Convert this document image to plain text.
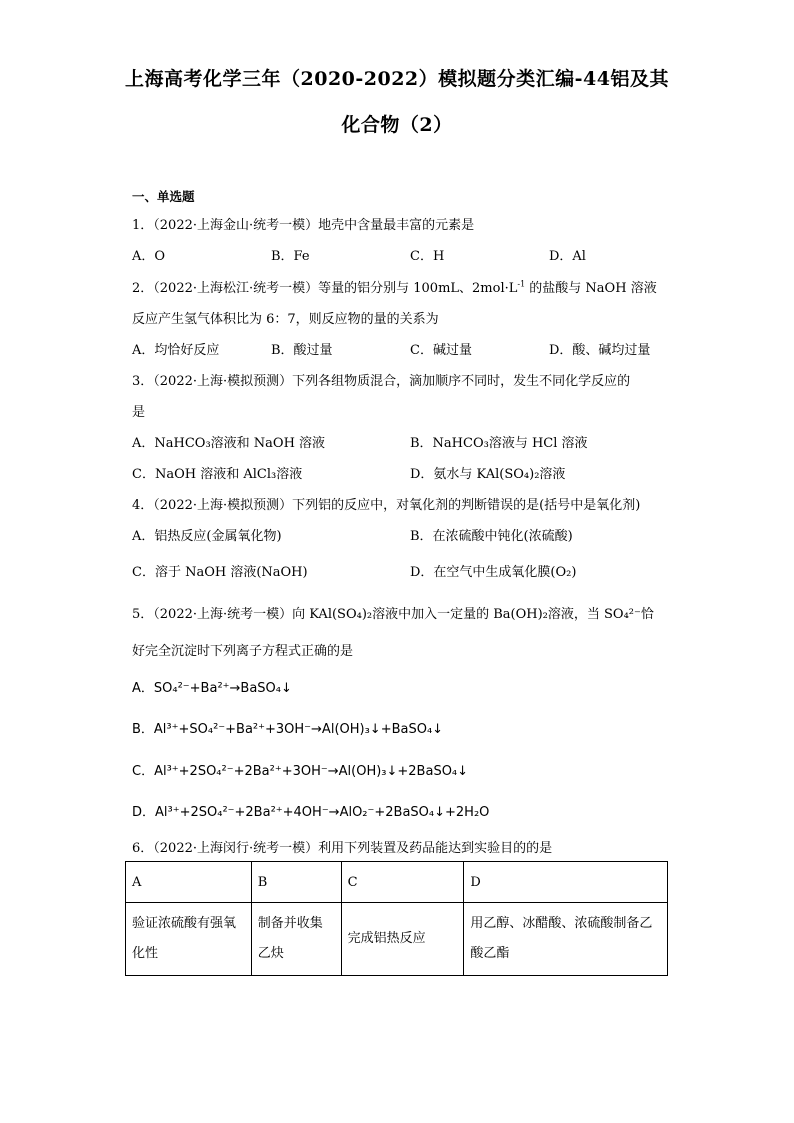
上海高考化学三年（2020-2022）模拟题分类汇编-44铝及其
化合物（2）
一、单选题
1．（2022·上海金山·统考一模）地壳中含量最丰富的元素是
A．O	B．Fe	C．H	D．Al
2．（2022·上海松江·统考一模）等量的铝分别与 100mL、$2mol\cdot L^{-1}$ 的盐酸与 NaOH 溶液
反应产生氢气体积比为 6：7，则反应物的量的关系为
A．均恰好反应	B．酸过量	C．碱过量	D．酸、碱均过量
3．（2022·上海·模拟预测）下列各组物质混合，滴加顺序不同时，发生不同化学反应的
是
A．NaHCO₃溶液和 NaOH 溶液	B．NaHCO₃溶液与 HCl 溶液
C．NaOH 溶液和 AlCl₃溶液	D．氨水与 KAl(SO₄)₂溶液
4．（2022·上海·模拟预测）下列铝的反应中，对氧化剂的判断错误的是(括号中是氧化剂)
A．铝热反应(金属氧化物)	B．在浓硫酸中钝化(浓硫酸)
C．溶于 NaOH 溶液(NaOH)	D．在空气中生成氧化膜(O₂)
5．（2022·上海·统考一模）向 KAl(SO₄)₂溶液中加入一定量的 Ba(OH)₂溶液，当 SO₄²⁻恰
好完全沉淀时下列离子方程式正确的是
A．SO₄²⁻+Ba²⁺→BaSO₄↓
B．Al³⁺+SO₄²⁻+Ba²⁺+3OH⁻→Al(OH)₃↓+BaSO₄↓
C．Al³⁺+2SO₄²⁻+2Ba²⁺+3OH⁻→Al(OH)₃↓+2BaSO₄↓
D．Al³⁺+2SO₄²⁻+2Ba²⁺+4OH⁻→AlO₂⁻+2BaSO₄↓+2H₂O
6．（2022·上海闵行·统考一模）利用下列装置及药品能达到实验目的的是
A	B	C	D
验证浓硫酸有强氧化性	制备并收集乙炔	完成铝热反应	用乙醇、冰醋酸、浓硫酸制备乙酸乙酯
